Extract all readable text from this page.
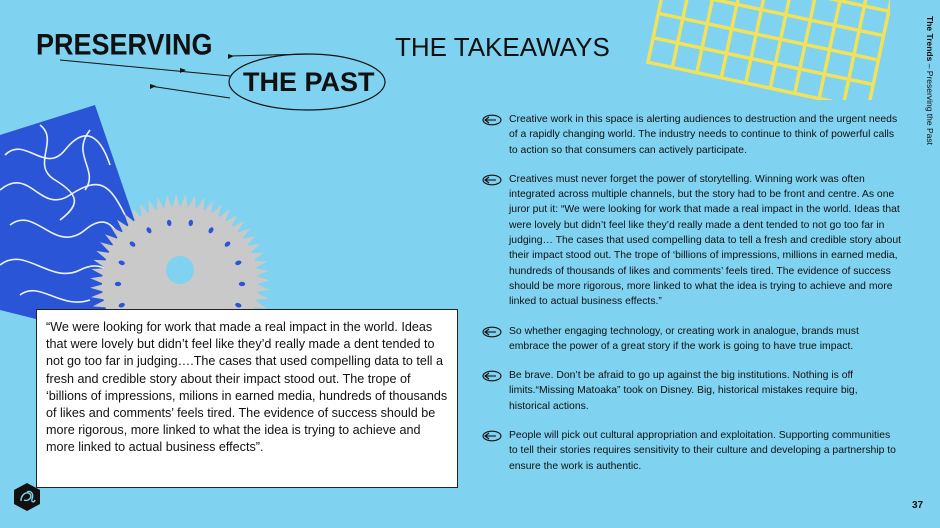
PRESERVING
THE PAST
THE TAKEAWAYS	The Trends – Preserving the Past
Creative work in this space is alerting audiences to destruction and the urgent needs of a rapidly changing world. The industry needs to continue to think of powerful calls to action so that consumers can actively participate.
Creatives must never forget the power of storytelling. Winning work was often integrated across multiple channels, but the story had to be front and centre. As one juror put it: “We were looking for work that made a real impact in the world. Ideas that were lovely but didn’t feel like they’d really made a dent tended to not go too far in judging… The cases that used compelling data to tell a fresh and credible story about their impact stood out. The trope of ‘billions of impressions, millions in earned media, hundreds of thousands of likes and comments’ feels tired. The evidence of success should be more rigorous, more linked to what the idea is trying to achieve and more linked to actual business effects.”
So whether engaging technology, or creating work in analogue, brands must embrace the power of a great story if the work is going to have true impact.
Be brave. Don’t be afraid to go up against the big institutions. Nothing is off limits.“Missing Matoaka” took on Disney. Big, historical mistakes require big, historical actions.
People will pick out cultural appropriation and exploitation. Supporting communities to tell their stories requires sensitivity to their culture and developing a partnership to ensure the work is authentic.
“We were looking for work that made a real impact in the world. Ideas that were lovely but didn’t feel like they’d really made a dent tended to not go too far in judging….The cases that used compelling data to tell a fresh and credible story about their impact stood out. The trope of ‘billions of impressions, milions in earned media, hundreds of thousands of likes and comments’ feels tired. The evidence of success should be more rigorous, more linked to what the idea is trying to achieve and more linked to actual business effects”.
37
